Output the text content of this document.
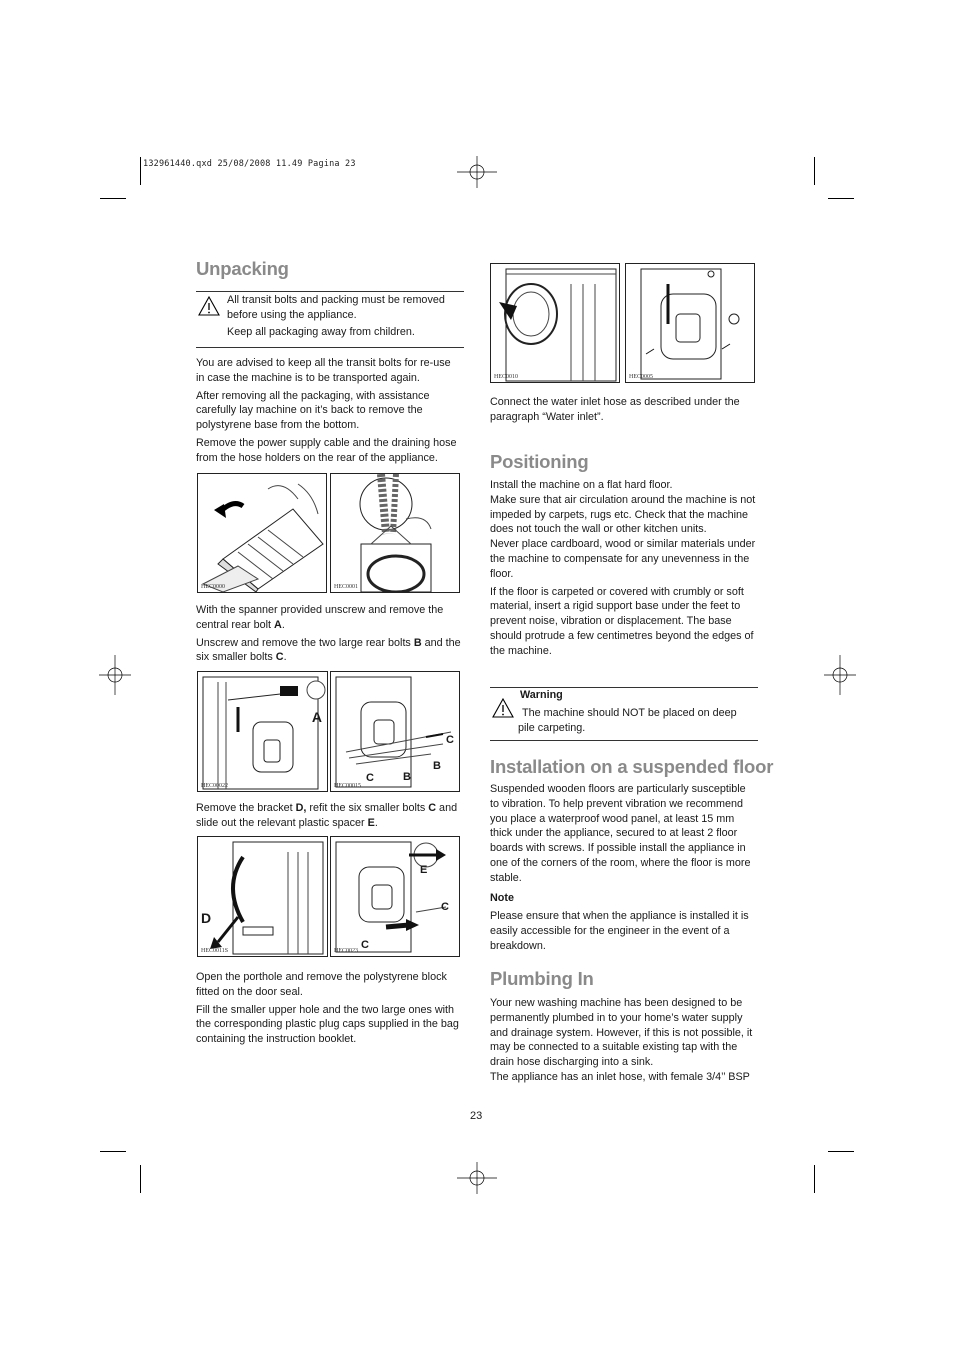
132961440.qxd 25/08/2008 11.49 Pagina 23
Unpacking

All transit bolts and packing must be removed before using the appliance.

Keep all packaging away from children.

You are advised to keep all the transit bolts for re-use in case the machine is to be transported again.

After removing all the packaging, with assistance carefully lay machine on it’s back to remove the polystyrene base from the bottom.

Remove the power supply cable and the draining hose from the hose holders on the rear of the appliance.

HEC0000	HEC0001

With the spanner provided unscrew and remove the central rear bolt A.

Unscrew and remove the two large rear bolts B and the six smaller bolts C.

A
HEC00022
C
B
B
C
HEC00015

Remove the bracket D, refit the six smaller bolts C and slide out the relevant plastic spacer E.

D
HEC0011S
E
C
C
HEC0023

Open the porthole and remove the polystyrene block fitted on the door seal.

Fill the smaller upper hole and the two large ones with the corresponding plastic plug caps supplied in the bag containing the instruction booklet.

HEC0010	HEC0005

Connect the water inlet hose as described under the paragraph “Water inlet”.

Positioning

Install the machine on a flat hard floor.

Make sure that air circulation around the machine is not impeded by carpets, rugs etc. Check that the machine does not touch the wall or other kitchen units.

Never place cardboard, wood or similar materials under the machine to compensate for any unevenness in the floor.

If the floor is carpeted or covered with crumbly or soft material, insert a rigid support base under the feet to prevent noise, vibration or displacement. The base should protrude a few centimetres beyond the edges of the machine.

Warning

The machine should NOT be placed on deep pile carpeting.

Installation on a suspended floor

Suspended wooden floors are particularly susceptible to vibration. To help prevent vibration we recommend you place a waterproof wood panel, at least 15 mm thick under the appliance, secured to at least 2 floor boards with screws. If possible install the appliance in one of the corners of the room, where the floor is more stable.

Note

Please ensure that when the appliance is installed it is easily accessible for the engineer in the event of a breakdown.

Plumbing In

Your new washing machine has been designed to be permanently plumbed in to your home’s water supply and drainage system. However, if this is not possible, it may be connected to a suitable existing tap with the drain hose discharging into a sink.

The appliance has an inlet hose, with female 3/4’’ BSP

23
